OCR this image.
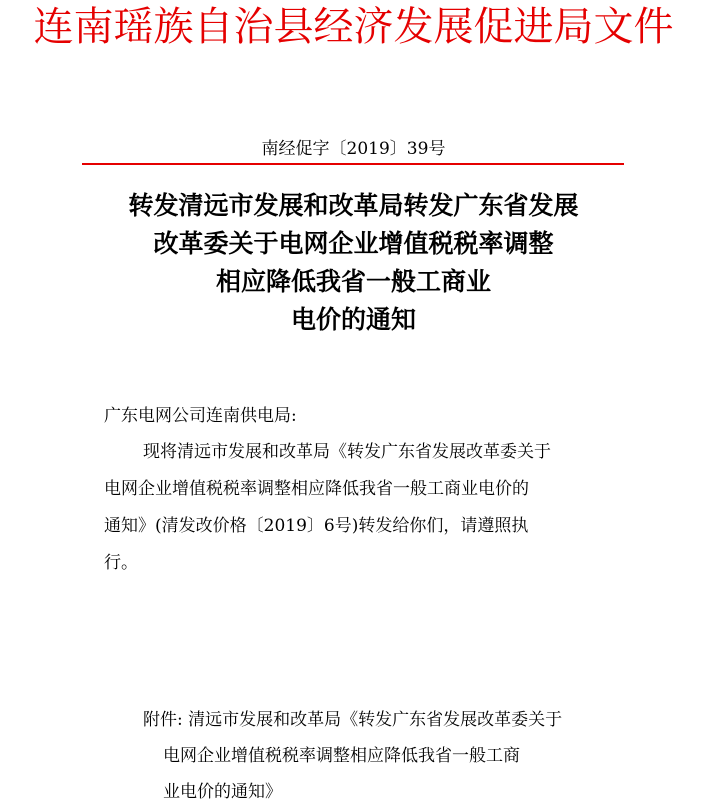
连南瑶族自治县经济发展促进局文件
南经促字〔2019〕39号
转发清远市发展和改革局转发广东省发展
改革委关于电网企业增值税税率调整
相应降低我省一般工商业
电价的通知
广东电网公司连南供电局:
现将清远市发展和改革局《转发广东省发展改革委关于
电网企业增值税税率调整相应降低我省一般工商业电价的
通知》(清发改价格〔2019〕6号)转发给你们，请遵照执
行。
附件: 清远市发展和改革局《转发广东省发展改革委关于
电网企业增值税税率调整相应降低我省一般工商
业电价的通知》
